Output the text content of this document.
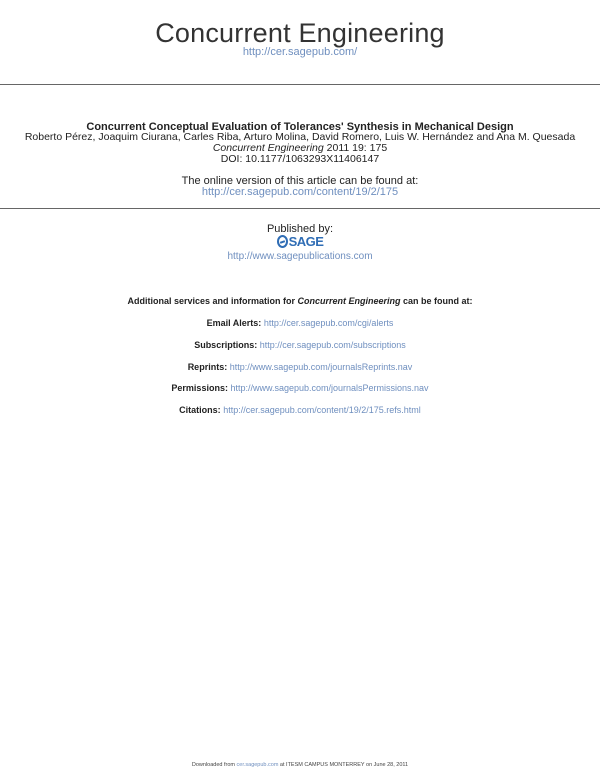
Concurrent Engineering
http://cer.sagepub.com/
Concurrent Conceptual Evaluation of Tolerances' Synthesis in Mechanical Design
Roberto Pérez, Joaquim Ciurana, Carles Riba, Arturo Molina, David Romero, Luis W. Hernández and Ana M. Quesada
Concurrent Engineering 2011 19: 175
DOI: 10.1177/1063293X11406147
The online version of this article can be found at:
http://cer.sagepub.com/content/19/2/175
Published by:
SAGE
http://www.sagepublications.com
Additional services and information for Concurrent Engineering can be found at:
Email Alerts: http://cer.sagepub.com/cgi/alerts
Subscriptions: http://cer.sagepub.com/subscriptions
Reprints: http://www.sagepub.com/journalsReprints.nav
Permissions: http://www.sagepub.com/journalsPermissions.nav
Citations: http://cer.sagepub.com/content/19/2/175.refs.html
Downloaded from cer.sagepub.com at ITESM CAMPUS MONTERREY on June 28, 2011
